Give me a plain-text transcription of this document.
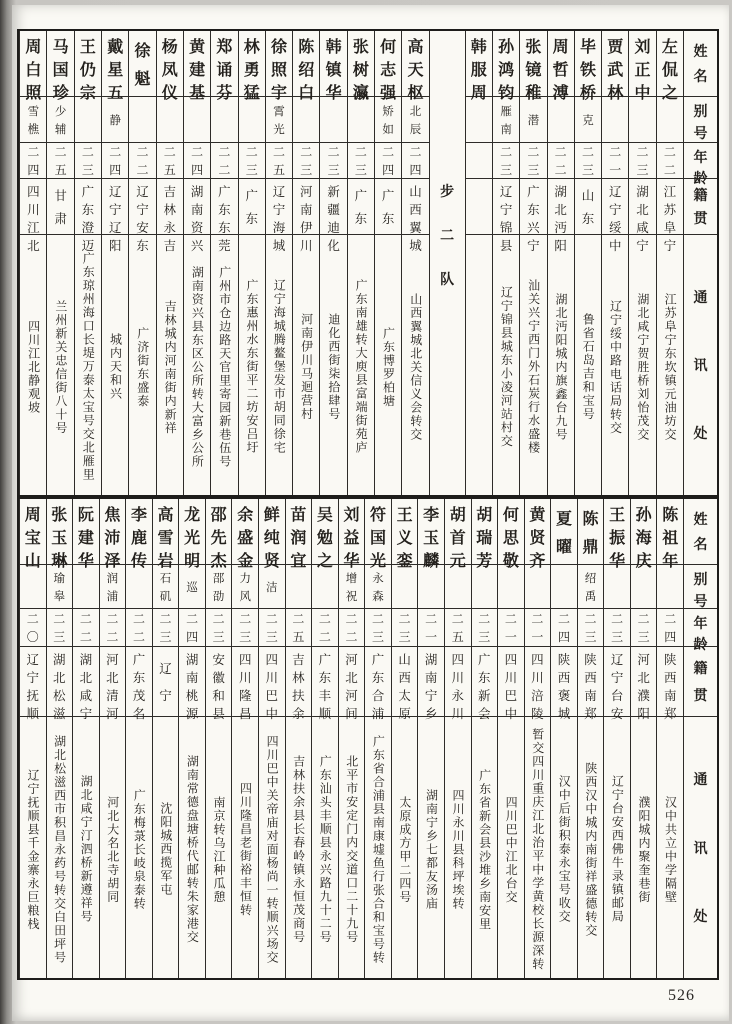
姓
名
别
号
年
龄
籍
贯
通
讯
处
左
侃
之
二
二
江
苏
阜
宁
江苏阜宁东坎镇元油坊交
刘
正
中
二
三
湖
北
咸
宁
湖北咸宁贺胜桥刘怡茂交
贾
武
林
二
一
辽
宁
绥
中
辽宁绥中路电话局转交
毕
铁
桥
克
二
三
山
东
鲁省石岛吉和宝号
周
哲
溥
二
二
湖
北
沔
阳
湖北沔阳城内旗鑫台九号
张
镜
稚
潜
二
三
广
东
兴
宁
汕关兴宁西门外石炭行水盛楼
孙
鸿
钧
雁
南
二
三
辽
宁
锦
县
辽宁锦县城东小凌河站村交
韩
服
周
步
二
队
高
天
枢
北
辰
二
四
山
西
翼
城
山西翼城北关信义会转交
何
志
强
矫
如
二
四
广
东
广东博罗柏塘
张
树
瀛
二
三
广
东
广东南雄转大庾县富端街苑庐
韩
镇
华
二
三
新
疆
迪
化
迪化西街柒拾肆号
陈
绍
白
二
三
河
南
伊
川
河南伊川马迴营村
徐
照
宇
霄
光
二
五
辽
宁
海
城
辽宁海城腾鳌堡发市胡同徐宅
林
勇
猛
二
三
广
东
广东惠州水东街平二坊安吕圩
郑
诵
芬
二
二
广
东
东
莞
广州市仓边路天官里寄园新巷伍号
黄
建
基
二
四
湖
南
资
兴
湖南资兴县东区公所转大富乡公所
杨
凤
仪
二
五
吉
林
永
吉
吉林城内河南街内新祥
徐
魁
二
二
辽
宁
安
东
广济街东盛泰
戴
星
五
静
二
四
辽
宁
辽
阳
城内天和兴
王
仍
宗
二
三
广
东
澄
迈
广东琼州海口长堤万泰太宝号交北雁里
马
国
珍
少
辅
二
五
甘
肃
兰州新关忠信街八十号
周
白
照
雪
樵
二
四
四
川
江
北
四川江北静观坡
姓
名
别
号
年
龄
籍
贯
通
讯
处
陈
祖
年
二
四
陕
西
南
郑
汉中共立中学隔壁
孙
海
庆
二
三
河
北
濮
阳
濮阳城内聚奎巷街
王
振
华
二
三
辽
宁
台
安
辽宁台安西佛牛录镇邮局
陈
鼎
绍
禹
二
三
陕
西
南
郑
陕西汉中城内南街祥盛德转交
夏
曜
二
四
陕
西
褒
城
汉中后街积泰永宝号收交
黄
贤
齐
二
一
四
川
涪
陵
暂交四川重庆江北治平中学黄校长源深转
何
思
敬
二
一
四
川
巴
中
四川巴中江北台交
胡
瑞
芳
二
三
广
东
新
会
广东省新会县沙堆乡南安里
胡
首
元
二
五
四
川
永
川
四川永川县科坪埃转
李
玉
麟
二
一
湖
南
宁
乡
湖南宁乡七都友汤庙
王
义
銮
二
三
山
西
太
原
太原成方甲二四号
符
国
光
永
森
二
三
广
东
合
浦
广东省合浦县南康墟鱼行张合和宝号转
刘
益
华
增
祝
二
二
河
北
河
间
北平市安定门内交道口二十九号
吴
勉
之
二
二
广
东
丰
顺
广东汕头丰顺县永兴路九十二号
苗
润
宜
二
五
吉
林
扶
余
吉林扶余县长春岭镇永恒茂商号
鲜
纯
贤
洁
二
三
四
川
巴
中
四川巴中关帝庙对面杨尚一转顺兴场交
余
盛
金
力
风
二
三
四
川
隆
昌
四川隆昌老街裕丰恒转
邵
先
杰
邵
劭
二
三
安
徽
和
县
南京转乌江种瓜憩
龙
光
明
巡
二
四
湖
南
桃
源
湖南常德盘塘桥代邮转朱家港交
高
雪
岩
石
矶
二
三
辽
宁
沈阳城西揽军屯
李
鹿
传
二
二
广
东
茂
名
广东梅菉长岐泉泰转
焦
沛
泽
润
浦
二
二
河
北
清
河
河北大名北寺胡同
阮
建
华
二
二
湖
北
咸
宁
湖北咸宁汀泗桥新遵祥号
张
玉
琳
瑜
皋
二
三
湖
北
松
滋
湖北松滋西市积昌永药号转交白田坪号
周
宝
山
二
〇
辽
宁
抚
顺
辽宁抚顺县千金寨永巨粮栈
526
